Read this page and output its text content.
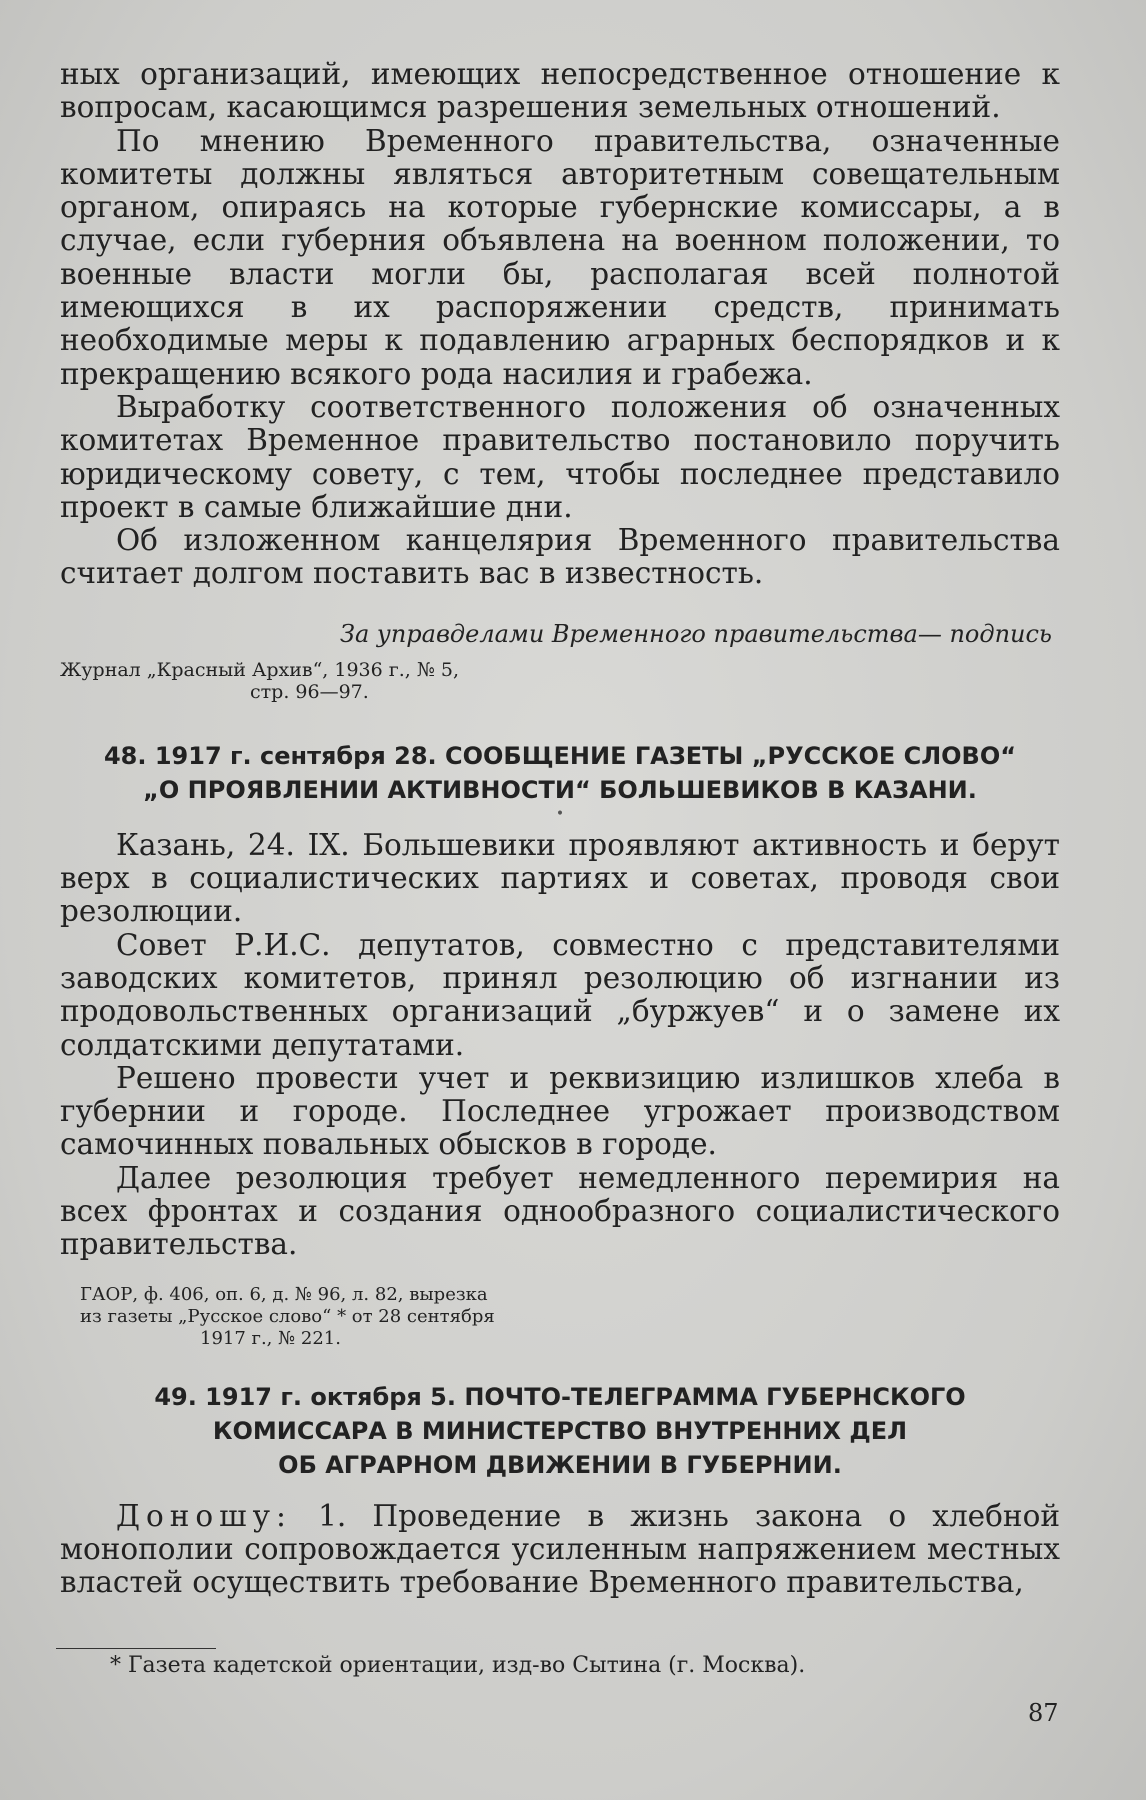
ных организаций, имеющих непосредственное отношение к вопросам, касающимся разрешения земельных отношений.

По мнению Временного правительства, означенные комитеты должны являться авторитетным совещательным органом, опираясь на которые губернские комиссары, а в случае, если губерния объявлена на военном положении, то военные власти могли бы, располагая всей полнотой имеющихся в их распоряжении средств, принимать необходимые меры к подавлению аграрных беспорядков и к прекращению всякого рода насилия и грабежа.

Выработку соответственного положения об означенных комитетах Временное правительство постановило поручить юридическому совету, с тем, чтобы последнее представило проект в самые ближайшие дни.

Об изложенном канцелярия Временного правительства считает долгом поставить вас в известность.

За управделами Временного правительства— подпись

Журнал „Красный Архив“, 1936 г., № 5,
стр. 96—97.

48. 1917 г. сентября 28. СООБЩЕНИЕ ГАЗЕТЫ „РУССКОЕ СЛОВО“

„О ПРОЯВЛЕНИИ АКТИВНОСТИ“ БОЛЬШЕВИКОВ В КАЗАНИ.

•

Казань, 24. IX. Большевики проявляют активность и берут верх в социалистических партиях и советах, проводя свои резолюции.

Совет Р.И.С. депутатов, совместно с представителями заводских комитетов, принял резолюцию об изгнании из продовольственных организаций „буржуев“ и о замене их солдатскими депутатами.

Решено провести учет и реквизицию излишков хлеба в губернии и городе. Последнее угрожает производством самочинных повальных обысков в городе.

Далее резолюция требует немедленного перемирия на всех фронтах и создания однообразного социалистического правительства.

ГАОР, ф. 406, оп. 6, д. № 96, л. 82, вырезка
из газеты „Русское слово“ * от 28 сентября
1917 г., № 221.

49. 1917 г. октября 5. ПОЧТО-ТЕЛЕГРАММА ГУБЕРНСКОГО

КОМИССАРА В МИНИСТЕРСТВО ВНУТРЕННИХ ДЕЛ

ОБ АГРАРНОМ ДВИЖЕНИИ В ГУБЕРНИИ.

Доношу: 1. Проведение в жизнь закона о хлебной монополии сопровождается усиленным напряжением местных властей осуществить требование Временного правительства,

* Газета кадетской ориентации, изд-во Сытина (г. Москва).
87
